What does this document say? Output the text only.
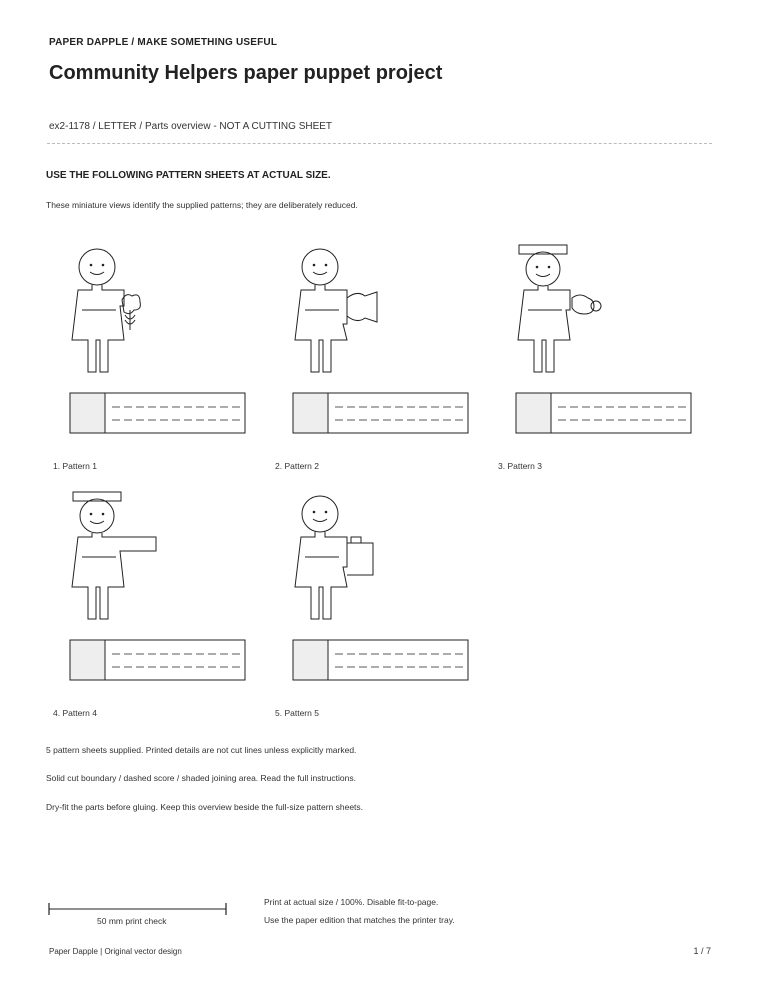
PAPER DAPPLE / MAKE SOMETHING USEFUL
Community Helpers paper puppet project
ex2-1178 / LETTER / Parts overview - NOT A CUTTING SHEET
USE THE FOLLOWING PATTERN SHEETS AT ACTUAL SIZE.
These miniature views identify the supplied patterns; they are deliberately reduced.
1. Pattern 1	2. Pattern 2	3. Pattern 3
4. Pattern 4	5. Pattern 5
5 pattern sheets supplied. Printed details are not cut lines unless explicitly marked.
Solid cut boundary / dashed score / shaded joining area. Read the full instructions.
Dry-fit the parts before gluing. Keep this overview beside the full-size pattern sheets.
50 mm print check
Print at actual size / 100%. Disable fit-to-page.
Use the paper edition that matches the printer tray.
Paper Dapple | Original vector design	1 / 7
